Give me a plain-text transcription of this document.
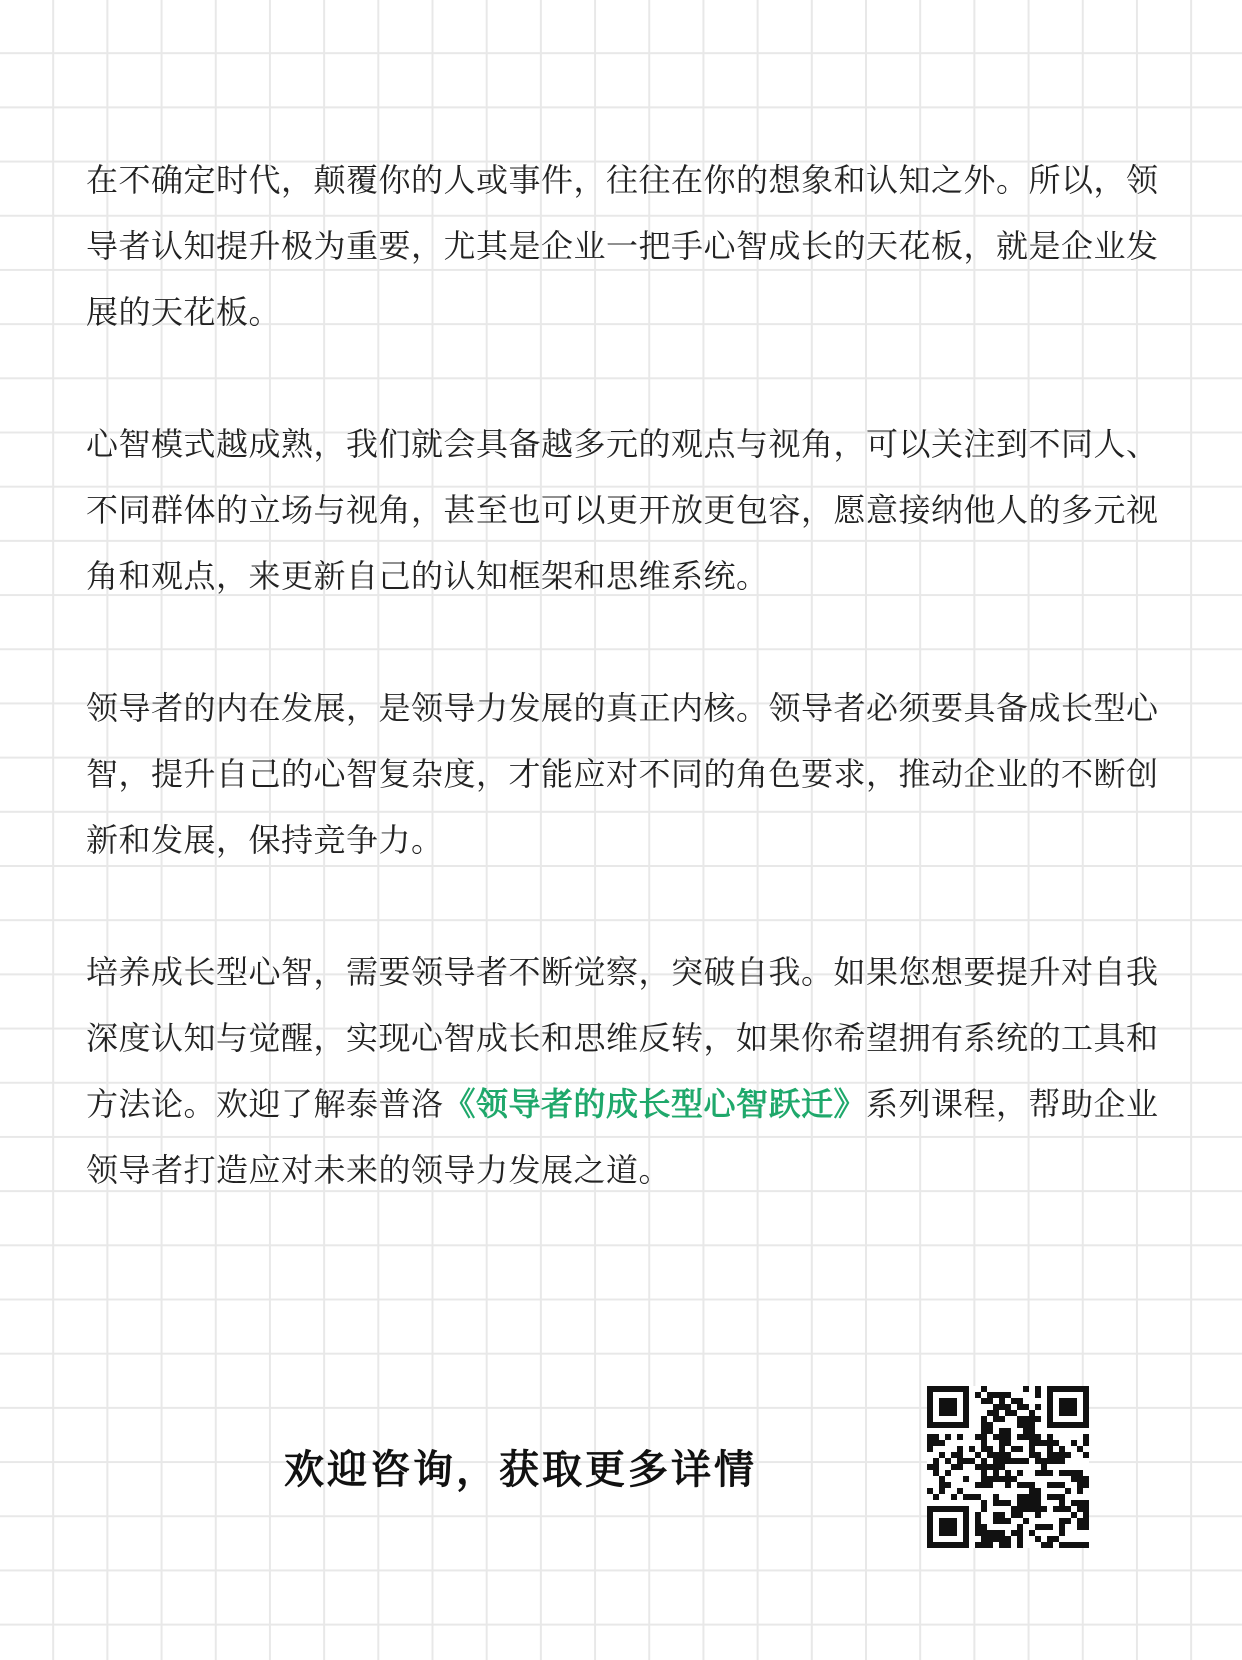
在不确定时代，颠覆你的人或事件，往往在你的想象和认知之外。所以，领导者认知提升极为重要，尤其是企业一把手心智成长的天花板，就是企业发展的天花板。

心智模式越成熟，我们就会具备越多元的观点与视角，可以关注到不同人、不同群体的立场与视角，甚至也可以更开放更包容，愿意接纳他人的多元视角和观点，来更新自己的认知框架和思维系统。

领导者的内在发展，是领导力发展的真正内核。领导者必须要具备成长型心智，提升自己的心智复杂度，才能应对不同的角色要求，推动企业的不断创新和发展，保持竞争力。

培养成长型心智，需要领导者不断觉察，突破自我。如果您想要提升对自我深度认知与觉醒，实现心智成长和思维反转，如果你希望拥有系统的工具和方法论。欢迎了解泰普洛《领导者的成长型心智跃迁》系列课程，帮助企业领导者打造应对未来的领导力发展之道。

欢迎咨询，获取更多详情
